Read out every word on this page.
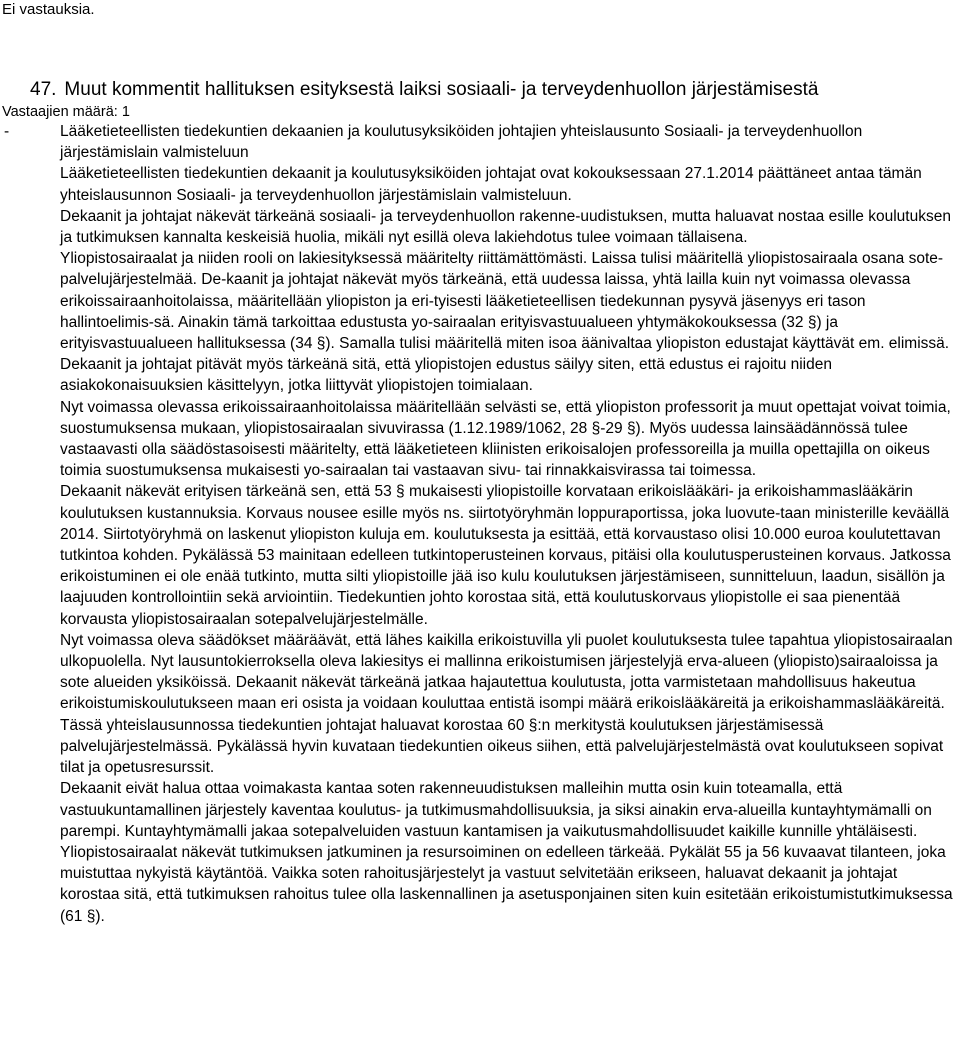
Ei vastauksia.
47. Muut kommentit hallituksen esityksestä laiksi sosiaali- ja terveydenhuollon järjestämisestä
Vastaajien määrä: 1
-	Lääketieteellisten tiedekuntien dekaanien ja koulutusyksiköiden johtajien yhteislausunto Sosiaali- ja terveydenhuollon järjestämislain valmisteluun

Lääketieteellisten tiedekuntien dekaanit ja koulutusyksiköiden johtajat ovat kokouksessaan 27.1.2014 päättäneet antaa tämän yhteislausunnon Sosiaali- ja terveydenhuollon järjestämislain valmisteluun.

Dekaanit ja johtajat näkevät tärkeänä sosiaali- ja terveydenhuollon rakenne-uudistuksen, mutta haluavat nostaa esille koulutuksen ja tutkimuksen kannalta keskeisiä huolia, mikäli nyt esillä oleva lakiehdotus tulee voimaan tällaisena.

Yliopistosairaalat ja niiden rooli on lakiesityksessä määritelty riittämättömästi. Laissa tulisi määritellä yliopistosairaala osana sote-palvelujärjestelmää. De-kaanit ja johtajat näkevät myös tärkeänä, että uudessa laissa, yhtä lailla kuin nyt voimassa olevassa erikoissairaanhoitolaissa, määritellään yliopiston ja eri-tyisesti lääketieteellisen tiedekunnan pysyvä jäsenyys eri tason hallintoelimis-sä. Ainakin tämä tarkoittaa edustusta yo-sairaalan erityisvastuualueen yhtymäkokouksessa (32 §) ja erityisvastuualueen hallituksessa (34 §). Samalla tulisi määritellä miten isoa äänivaltaa yliopiston edustajat käyttävät em. elimissä. Dekaanit ja johtajat pitävät myös tärkeänä sitä, että yliopistojen edustus säilyy siten, että edustus ei rajoitu niiden asiakokonaisuuksien käsittelyyn, jotka liittyvät yliopistojen toimialaan.

Nyt voimassa olevassa erikoissairaanhoitolaissa määritellään selvästi se, että yliopiston professorit ja muut opettajat voivat toimia, suostumuksensa mukaan, yliopistosairaalan sivuvirassa (1.12.1989/1062, 28 §-29 §). Myös uudessa lainsäädännössä tulee vastaavasti olla säädöstasoisesti määritelty, että lääketieteen kliinisten erikoisalojen professoreilla ja muilla opettajilla on oikeus toimia suostumuksensa mukaisesti yo-sairaalan tai vastaavan sivu- tai rinnakkaisvirassa tai toimessa.

Dekaanit näkevät erityisen tärkeänä sen, että 53 § mukaisesti yliopistoille korvataan erikoislääkäri- ja erikoishammaslääkärin koulutuksen kustannuksia. Korvaus nousee esille myös ns. siirtotyöryhmän loppuraportissa, joka luovute-taan ministerille keväällä 2014. Siirtotyöryhmä on laskenut yliopiston kuluja em. koulutuksesta ja esittää, että korvaustaso olisi 10.000 euroa koulutettavan tutkintoa kohden. Pykälässä 53 mainitaan edelleen tutkintoperusteinen korvaus, pitäisi olla koulutusperusteinen korvaus. Jatkossa erikoistuminen ei ole enää tutkinto, mutta silti yliopistoille jää iso kulu koulutuksen järjestämiseen, sunnitteluun, laadun, sisällön ja laajuuden kontrollointiin sekä arviointiin. Tiedekuntien johto korostaa sitä, että koulutuskorvaus yliopistolle ei saa pienentää korvausta yliopistosairaalan sotepalvelujärjestelmälle.

Nyt voimassa oleva säädökset määräävät, että lähes kaikilla erikoistuvilla yli puolet koulutuksesta tulee tapahtua yliopistosairaalan ulkopuolella. Nyt lausuntokierroksella oleva lakiesitys ei mallinna erikoistumisen järjestelyjä erva-alueen (yliopisto)sairaaloissa ja sote alueiden yksiköissä. Dekaanit näkevät tärkeänä jatkaa hajautettua koulutusta, jotta varmistetaan mahdollisuus hakeutua erikoistumiskoulutukseen maan eri osista ja voidaan kouluttaa entistä isompi määrä erikoislääkäreitä ja erikoishammaslääkäreitä.

Tässä yhteislausunnossa tiedekuntien johtajat haluavat korostaa 60 §:n merkitystä koulutuksen järjestämisessä palvelujärjestelmässä. Pykälässä hyvin kuvataan tiedekuntien oikeus siihen, että palvelujärjestelmästä ovat koulutukseen sopivat tilat ja opetusresurssit.

Dekaanit eivät halua ottaa voimakasta kantaa soten rakenneuudistuksen malleihin mutta osin kuin toteamalla, että vastuukuntamallinen järjestely kaventaa koulutus- ja tutkimusmahdollisuuksia, ja siksi ainakin erva-alueilla kuntayhtymämalli on parempi. Kuntayhtymämalli jakaa sotepalveluiden vastuun kantamisen ja vaikutusmahdollisuudet kaikille kunnille yhtäläisesti.

Yliopistosairaalat näkevät tutkimuksen jatkuminen ja resursoiminen on edelleen tärkeää. Pykälät 55 ja 56 kuvaavat tilanteen, joka muistuttaa nykyistä käytäntöä. Vaikka soten rahoitusjärjestelyt ja vastuut selvitetään erikseen, haluavat dekaanit ja johtajat korostaa sitä, että tutkimuksen rahoitus tulee olla laskennallinen ja asetusponjainen siten kuin esitetään erikoistumistutkimuksessa (61 §).
